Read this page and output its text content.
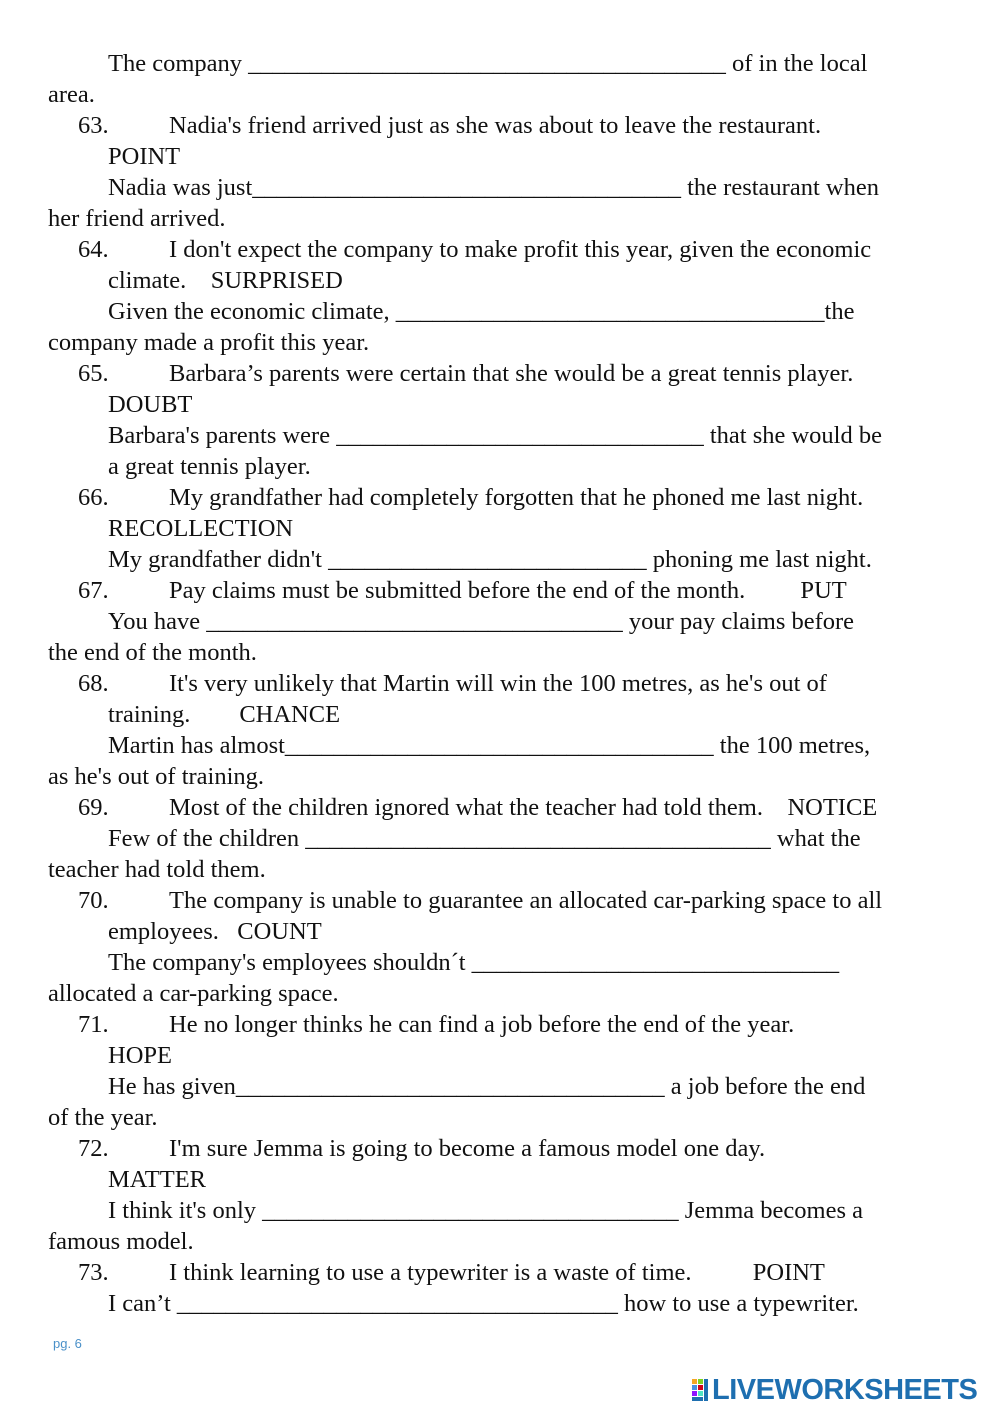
The company _______________________________________ of in the local
area.
63. Nadia's friend arrived just as she was about to leave the restaurant.
POINT
Nadia was just___________________________________ the restaurant when
her friend arrived.
64. I don't expect the company to make profit this year, given the economic
climate.    SURPRISED
Given the economic climate, ___________________________________the
company made a profit this year.
65. Barbara’s parents were certain that she would be a great tennis player.
DOUBT
Barbara's parents were ______________________________ that she would be
a great tennis player.
66. My grandfather had completely forgotten that he phoned me last night.
RECOLLECTION
My grandfather didn't __________________________ phoning me last night.
67. Pay claims must be submitted before the end of the month.         PUT
You have __________________________________ your pay claims before
the end of the month.
68. It's very unlikely that Martin will win the 100 metres, as he's out of
training.        CHANCE
Martin has almost___________________________________ the 100 metres,
as he's out of training.
69. Most of the children ignored what the teacher had told them.    NOTICE
Few of the children ______________________________________ what the
teacher had told them.
70. The company is unable to guarantee an allocated car-parking space to all
employees.   COUNT
The company's employees shouldn´t ______________________________
allocated a car-parking space.
71. He no longer thinks he can find a job before the end of the year.
HOPE
He has given___________________________________ a job before the end
of the year.
72. I'm sure Jemma is going to become a famous model one day.
MATTER
I think it's only __________________________________ Jemma becomes a
famous model.
73. I think learning to use a typewriter is a waste of time.          POINT
I can’t ____________________________________ how to use a typewriter.
pg. 6
LIVEWORKSHEETS
